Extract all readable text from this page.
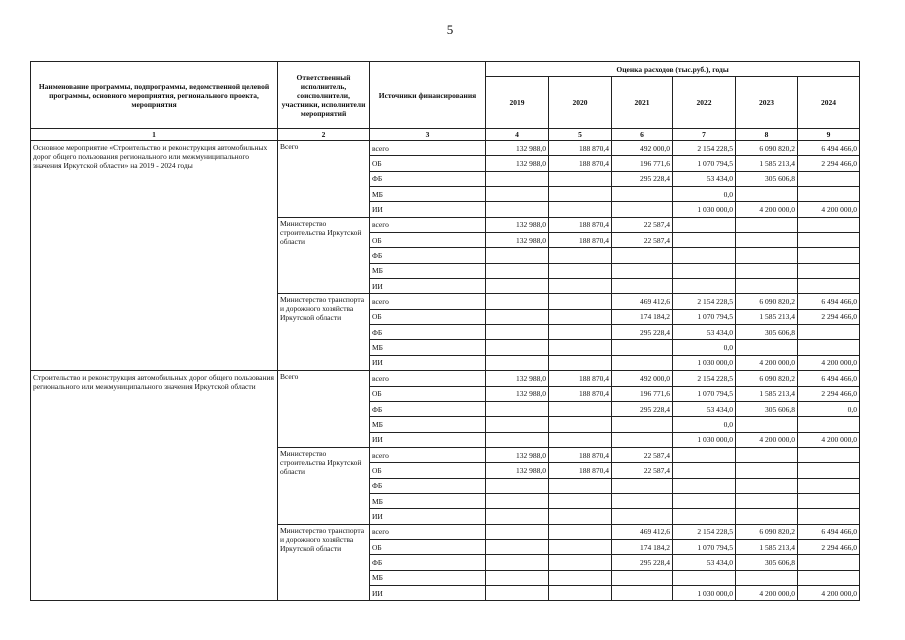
5
Наименование программы, подпрограммы, ведомственной целевой программы, основного мероприятия, регионального проекта, мероприятия	Ответственный исполнитель, соисполнители, участники, исполнители мероприятий	Источники финансирования	Оценка расходов (тыс.руб.), годы					
			2019	2020	2021	2022	2023	2024
1	2	3	4	5	6	7	8	9
Основное мероприятие «Строительство и реконструкция автомобильных дорог общего пользования регионального или межмуниципального значения Иркутской области» на 2019 - 2024 годы	Всего	всего	132 988,0	188 870,4	492 000,0	2 154 228,5	6 090 820,2	6 494 466,0
		ОБ	132 988,0	188 870,4	196 771,6	1 070 794,5	1 585 213,4	2 294 466,0
		ФБ			295 228,4	53 434,0	305 606,8	
		МБ				0,0		
		ИИ				1 030 000,0	4 200 000,0	4 200 000,0
	Министерство строительства Иркутской области	всего	132 988,0	188 870,4	22 587,4			
		ОБ	132 988,0	188 870,4	22 587,4			
		ФБ						
		МБ						
		ИИ						
	Министерство транспорта и дорожного хозяйства Иркутской области	всего			469 412,6	2 154 228,5	6 090 820,2	6 494 466,0
		ОБ			174 184,2	1 070 794,5	1 585 213,4	2 294 466,0
		ФБ			295 228,4	53 434,0	305 606,8	
		МБ				0,0		
		ИИ				1 030 000,0	4 200 000,0	4 200 000,0
Строительство и реконструкция автомобильных дорог общего пользования регионального или межмуниципального значения Иркутской области	Всего	всего	132 988,0	188 870,4	492 000,0	2 154 228,5	6 090 820,2	6 494 466,0
		ОБ	132 988,0	188 870,4	196 771,6	1 070 794,5	1 585 213,4	2 294 466,0
		ФБ			295 228,4	53 434,0	305 606,8	0,0
		МБ				0,0		
		ИИ				1 030 000,0	4 200 000,0	4 200 000,0
	Министерство строительства Иркутской области	всего	132 988,0	188 870,4	22 587,4			
		ОБ	132 988,0	188 870,4	22 587,4			
		ФБ						
		МБ						
		ИИ						
	Министерство транспорта и дорожного хозяйства Иркутской области	всего			469 412,6	2 154 228,5	6 090 820,2	6 494 466,0
		ОБ			174 184,2	1 070 794,5	1 585 213,4	2 294 466,0
		ФБ			295 228,4	53 434,0	305 606,8	
		МБ						
		ИИ				1 030 000,0	4 200 000,0	4 200 000,0
